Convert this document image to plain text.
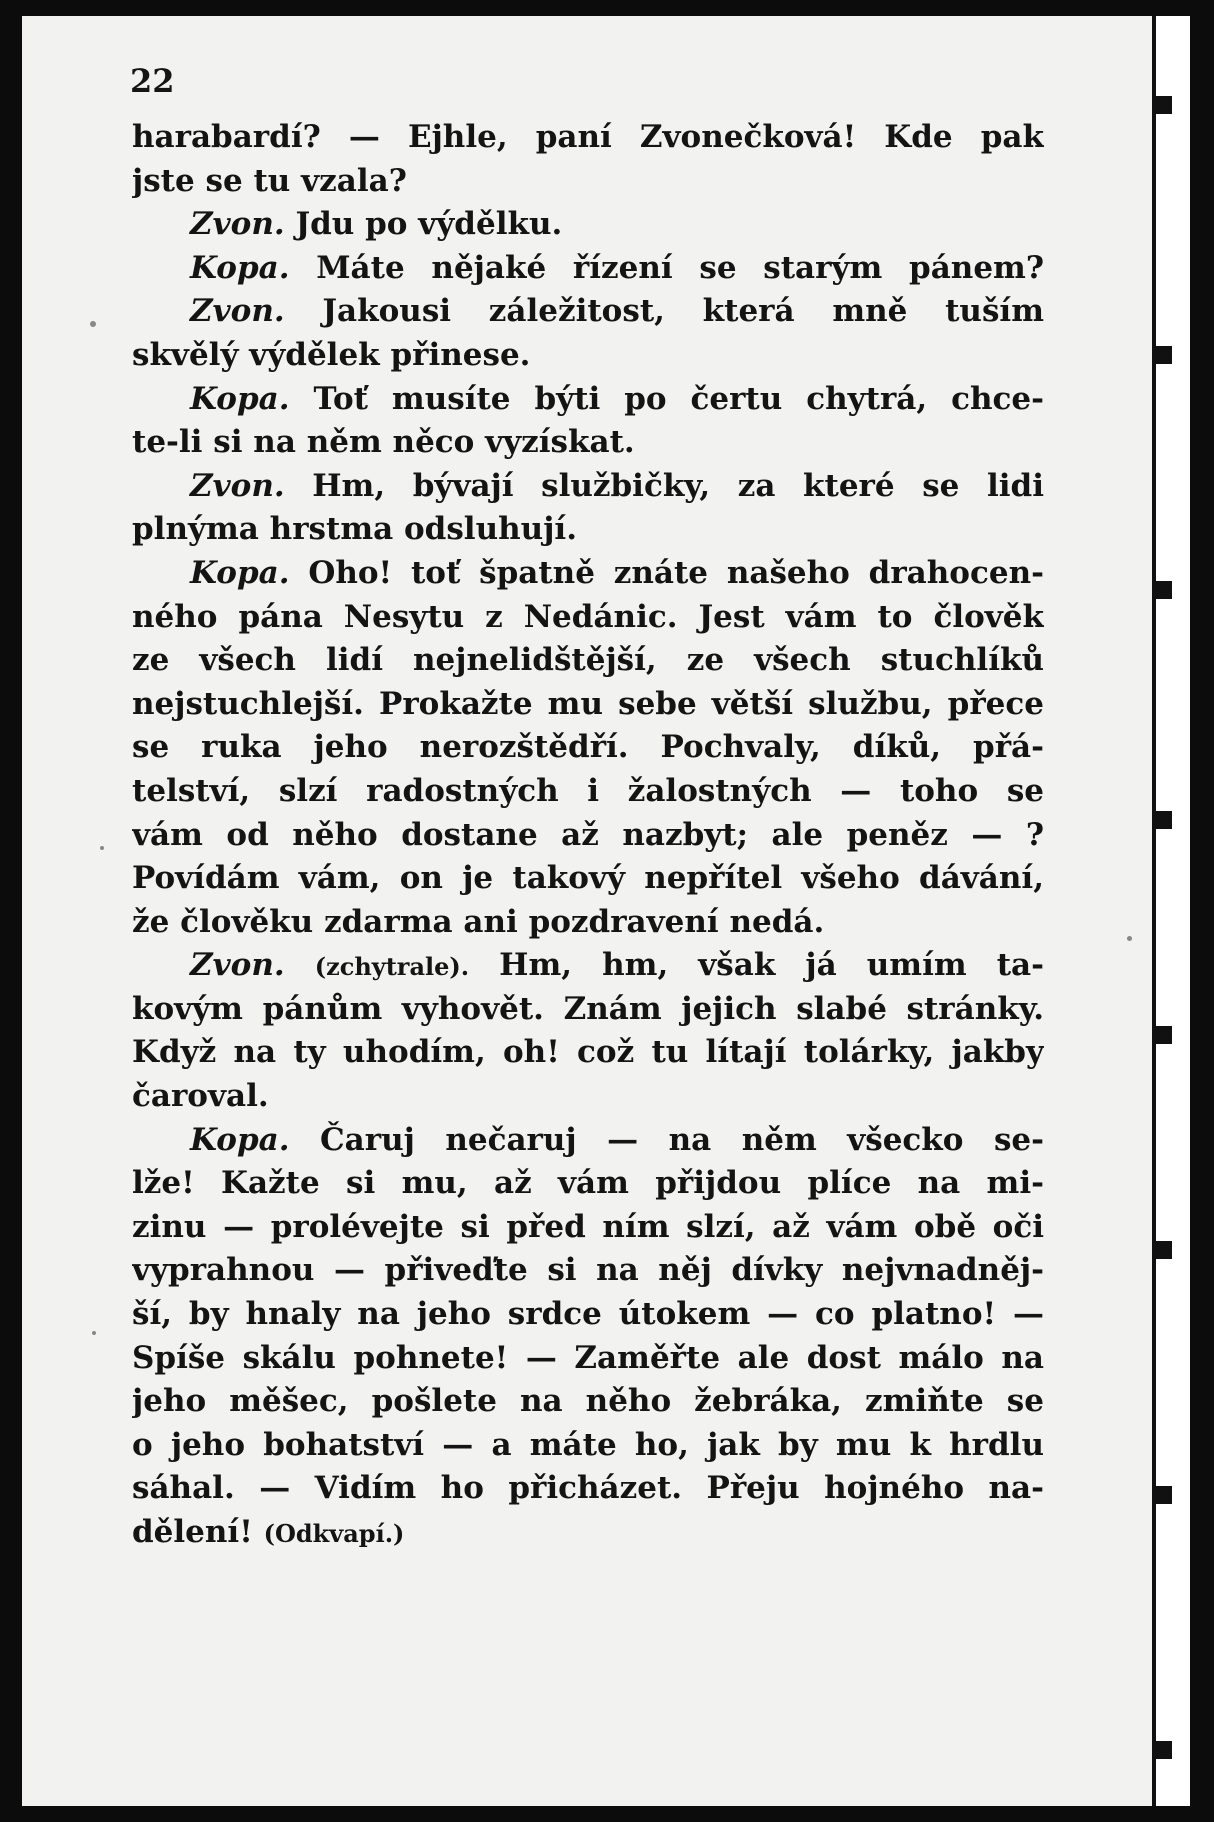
22

harabardí? — Ejhle, paní Zvonečková! Kde pak
jste se tu vzala?
Zvon. Jdu po výdělku.
Kopa. Máte nějaké řízení se starým pánem?
Zvon. Jakousi záležitost, která mně tuším
skvělý výdělek přinese.
Kopa. Toť musíte býti po čertu chytrá, chce-
te-li si na něm něco vyzískat.
Zvon. Hm, bývají službičky, za které se lidi
plnýma hrstma odsluhují.
Kopa. Oho! toť špatně znáte našeho drahocen-
ného pána Nesytu z Nedánic. Jest vám to člověk
ze všech lidí nejnelidštější, ze všech stuchlíků
nejstuchlejší. Prokažte mu sebe větší službu, přece
se ruka jeho nerozštědří. Pochvaly, díků, přá-
telství, slzí radostných i žalostných — toho se
vám od něho dostane až nazbyt; ale peněz — ?
Povídám vám, on je takový nepřítel všeho dávání,
že člověku zdarma ani pozdravení nedá.
Zvon. (zchytrale). Hm, hm, však já umím ta-
kovým pánům vyhovět. Znám jejich slabé stránky.
Když na ty uhodím, oh! což tu lítají tolárky, jakby
čaroval.
Kopa. Čaruj nečaruj — na něm všecko se-
lže! Kažte si mu, až vám přijdou plíce na mi-
zinu — prolévejte si před ním slzí, až vám obě oči
vyprahnou — přiveďte si na něj dívky nejvnadněj-
ší, by hnaly na jeho srdce útokem — co platno! —
Spíše skálu pohnete! — Zaměřte ale dost málo na
jeho měšec, pošlete na něho žebráka, zmiňte se
o jeho bohatství — a máte ho, jak by mu k hrdlu
sáhal. — Vidím ho přicházet. Přeju hojného na-
dělení! (Odkvapí.)
